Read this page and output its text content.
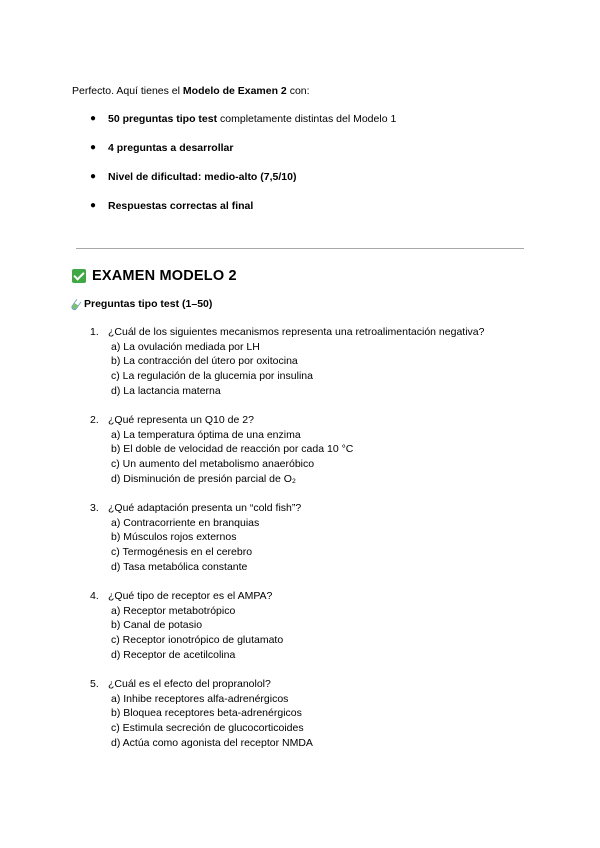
Perfecto. Aquí tienes el Modelo de Examen 2 con:
● 50 preguntas tipo test completamente distintas del Modelo 1
● 4 preguntas a desarrollar
● Nivel de dificultad: medio-alto (7,5/10)
● Respuestas correctas al final
EXAMEN MODELO 2
Preguntas tipo test (1–50)
1. ¿Cuál de los siguientes mecanismos representa una retroalimentación negativa?
a) La ovulación mediada por LH
b) La contracción del útero por oxitocina
c) La regulación de la glucemia por insulina
d) La lactancia materna
2. ¿Qué representa un Q10 de 2?
a) La temperatura óptima de una enzima
b) El doble de velocidad de reacción por cada 10 °C
c) Un aumento del metabolismo anaeróbico
d) Disminución de presión parcial de O₂
3. ¿Qué adaptación presenta un “cold fish”?
a) Contracorriente en branquias
b) Músculos rojos externos
c) Termogénesis en el cerebro
d) Tasa metabólica constante
4. ¿Qué tipo de receptor es el AMPA?
a) Receptor metabotrópico
b) Canal de potasio
c) Receptor ionotrópico de glutamato
d) Receptor de acetilcolina
5. ¿Cuál es el efecto del propranolol?
a) Inhibe receptores alfa-adrenérgicos
b) Bloquea receptores beta-adrenérgicos
c) Estimula secreción de glucocorticoides
d) Actúa como agonista del receptor NMDA
